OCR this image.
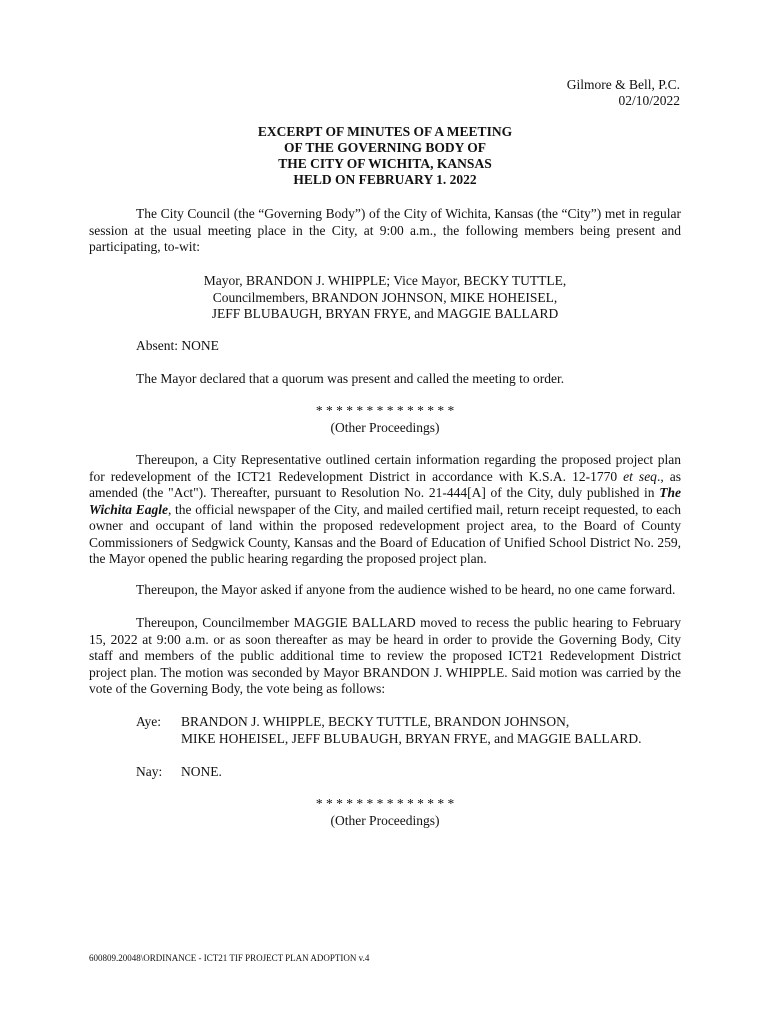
Gilmore & Bell, P.C.
02/10/2022
EXCERPT OF MINUTES OF A MEETING
OF THE GOVERNING BODY OF
THE CITY OF WICHITA, KANSAS
HELD ON FEBRUARY 1. 2022

The City Council (the “Governing Body”) of the City of Wichita, Kansas (the “City”) met in regular session at the usual meeting place in the City, at 9:00 a.m., the following members being present and participating, to-wit:

Mayor, BRANDON J. WHIPPLE; Vice Mayor, BECKY TUTTLE,
Councilmembers, BRANDON JOHNSON, MIKE HOHEISEL,
JEFF BLUBAUGH, BRYAN FRYE, and MAGGIE BALLARD
Absent: NONE

The Mayor declared that a quorum was present and called the meeting to order.

* * * * * * * * * * * * * *
(Other Proceedings)

Thereupon, a City Representative outlined certain information regarding the proposed project plan for redevelopment of the ICT21 Redevelopment District in accordance with K.S.A. 12-1770 et seq., as amended (the "Act"). Thereafter, pursuant to Resolution No. 21-444[A] of the City, duly published in The Wichita Eagle, the official newspaper of the City, and mailed certified mail, return receipt requested, to each owner and occupant of land within the proposed redevelopment project area, to the Board of County Commissioners of Sedgwick County, Kansas and the Board of Education of Unified School District No. 259, the Mayor opened the public hearing regarding the proposed project plan.

Thereupon, the Mayor asked if anyone from the audience wished to be heard, no one came forward.

Thereupon, Councilmember MAGGIE BALLARD moved to recess the public hearing to February 15, 2022 at 9:00 a.m. or as soon thereafter as may be heard in order to provide the Governing Body, City staff and members of the public additional time to review the proposed ICT21 Redevelopment District project plan. The motion was seconded by Mayor BRANDON J. WHIPPLE. Said motion was carried by the vote of the Governing Body, the vote being as follows:

Aye: BRANDON J. WHIPPLE, BECKY TUTTLE, BRANDON JOHNSON,
MIKE HOHEISEL, JEFF BLUBAUGH, BRYAN FRYE, and MAGGIE BALLARD.
Nay: NONE.
* * * * * * * * * * * * * *
(Other Proceedings)
600809.20048\ORDINANCE - ICT21 TIF PROJECT PLAN ADOPTION v.4
